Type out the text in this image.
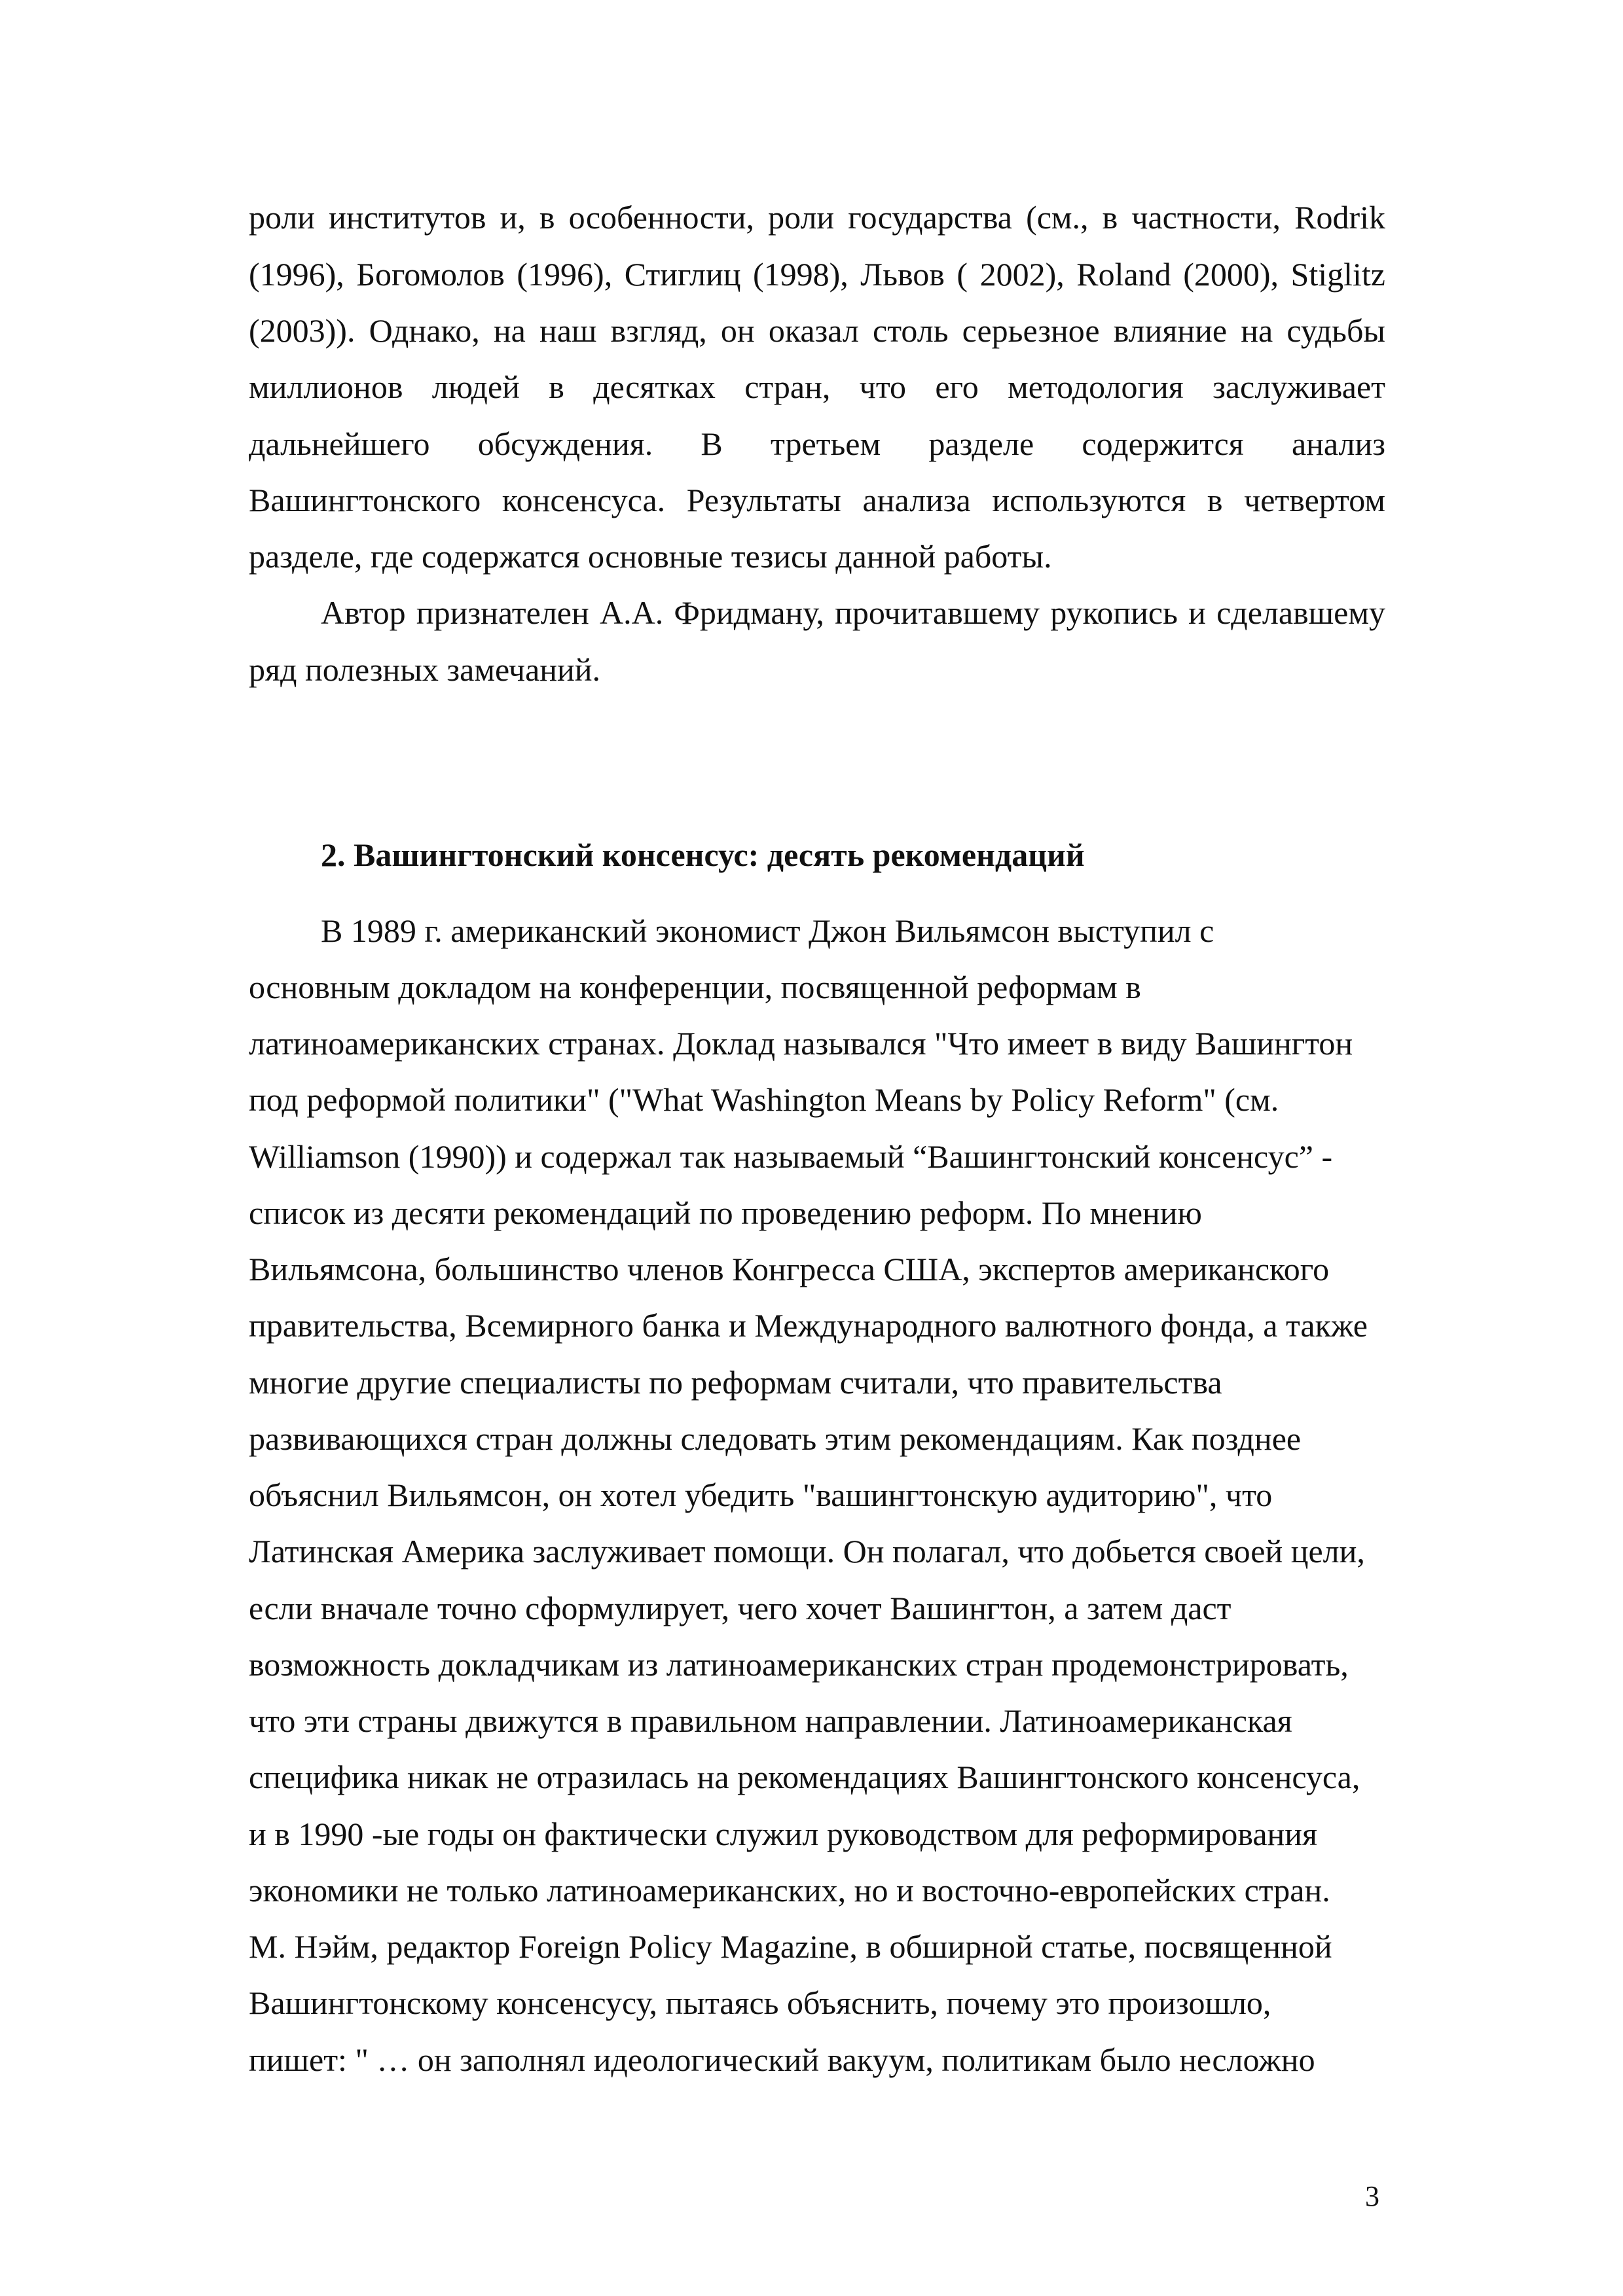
роли институтов и, в особенности, роли государства (см., в частности, Rodrik
(1996), Богомолов (1996), Стиглиц (1998), Львов ( 2002), Roland (2000), Stiglitz
(2003)). Однако, на наш взгляд, он оказал столь серьезное влияние на судьбы
миллионов людей в десятках стран, что его методология заслуживает
дальнейшего обсуждения. В третьем разделе содержится анализ
Вашингтонского консенсуса. Результаты анализа используются в четвертом
разделе, где содержатся основные тезисы данной работы.
Автор признателен А.А. Фридману, прочитавшему рукопись и сделавшему
ряд полезных замечаний.
2. Вашингтонский консенсус: десять рекомендаций
В 1989 г. американский экономист Джон Вильямсон выступил с
основным докладом на конференции, посвященной реформам в
латиноамериканских странах. Доклад назывался "Что имеет в виду Вашингтон
под реформой политики" ("What Washington Means by Policy Reform" (см.
Williamson (1990)) и содержал так называемый “Вашингтонский консенсус” -
список из десяти рекомендаций по проведению реформ. По мнению
Вильямсона, большинство членов Конгресса США, экспертов американского
правительства, Всемирного банка и Международного валютного фонда, а также
многие другие специалисты по реформам считали, что правительства
развивающихся стран должны следовать этим рекомендациям. Как позднее
объяснил Вильямсон, он хотел убедить "вашингтонскую аудиторию", что
Латинская Америка заслуживает помощи. Он полагал, что добьется своей цели,
если вначале точно сформулирует, чего хочет Вашингтон, а затем даст
возможность докладчикам из латиноамериканских стран продемонстрировать,
что эти страны движутся в правильном направлении. Латиноамериканская
специфика никак не отразилась на рекомендациях Вашингтонского консенсуса,
и в 1990 -ые годы он фактически служил руководством для реформирования
экономики не только латиноамериканских, но и восточно-европейских стран.
М. Нэйм, редактор Foreign Policy Magazine, в обширной статье, посвященной
Вашингтонскому консенсусу, пытаясь объяснить, почему это произошло,
пишет: " … он заполнял идеологический вакуум, политикам было несложно
3
